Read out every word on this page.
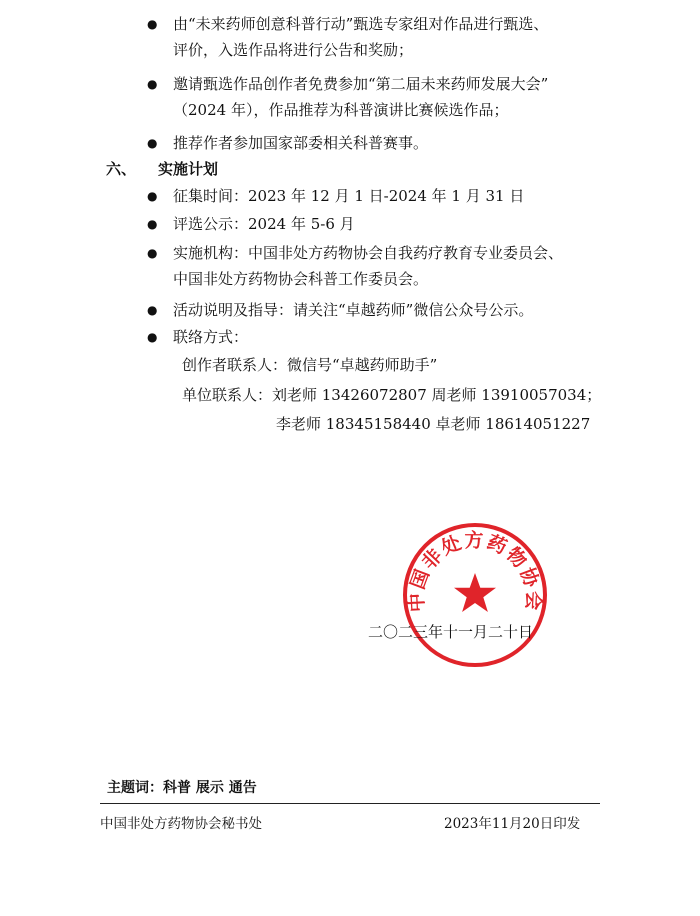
● 由“未来药师创意科普行动”甄选专家组对作品进行甄选、
评价，入选作品将进行公告和奖励；
● 邀请甄选作品创作者免费参加“第二届未来药师发展大会”
（2024 年），作品推荐为科普演讲比赛候选作品；
● 推荐作者参加国家部委相关科普赛事。
六、 实施计划
● 征集时间：2023 年 12 月 1 日-2024 年 1 月 31 日
● 评选公示：2024 年 5-6 月
● 实施机构：中国非处方药物协会自我药疗教育专业委员会、
中国非处方药物协会科普工作委员会。
● 活动说明及指导：请关注“卓越药师”微信公众号公示。
● 联络方式：
创作者联系人：微信号“卓越药师助手”
单位联系人：刘老师 13426072807 周老师 13910057034；
李老师 18345158440 卓老师 18614051227
中国非处方药物协会
二〇二三年十一月二十日
主题词：科普 展示 通告
中国非处方药物协会秘书处	2023年11月20日印发
